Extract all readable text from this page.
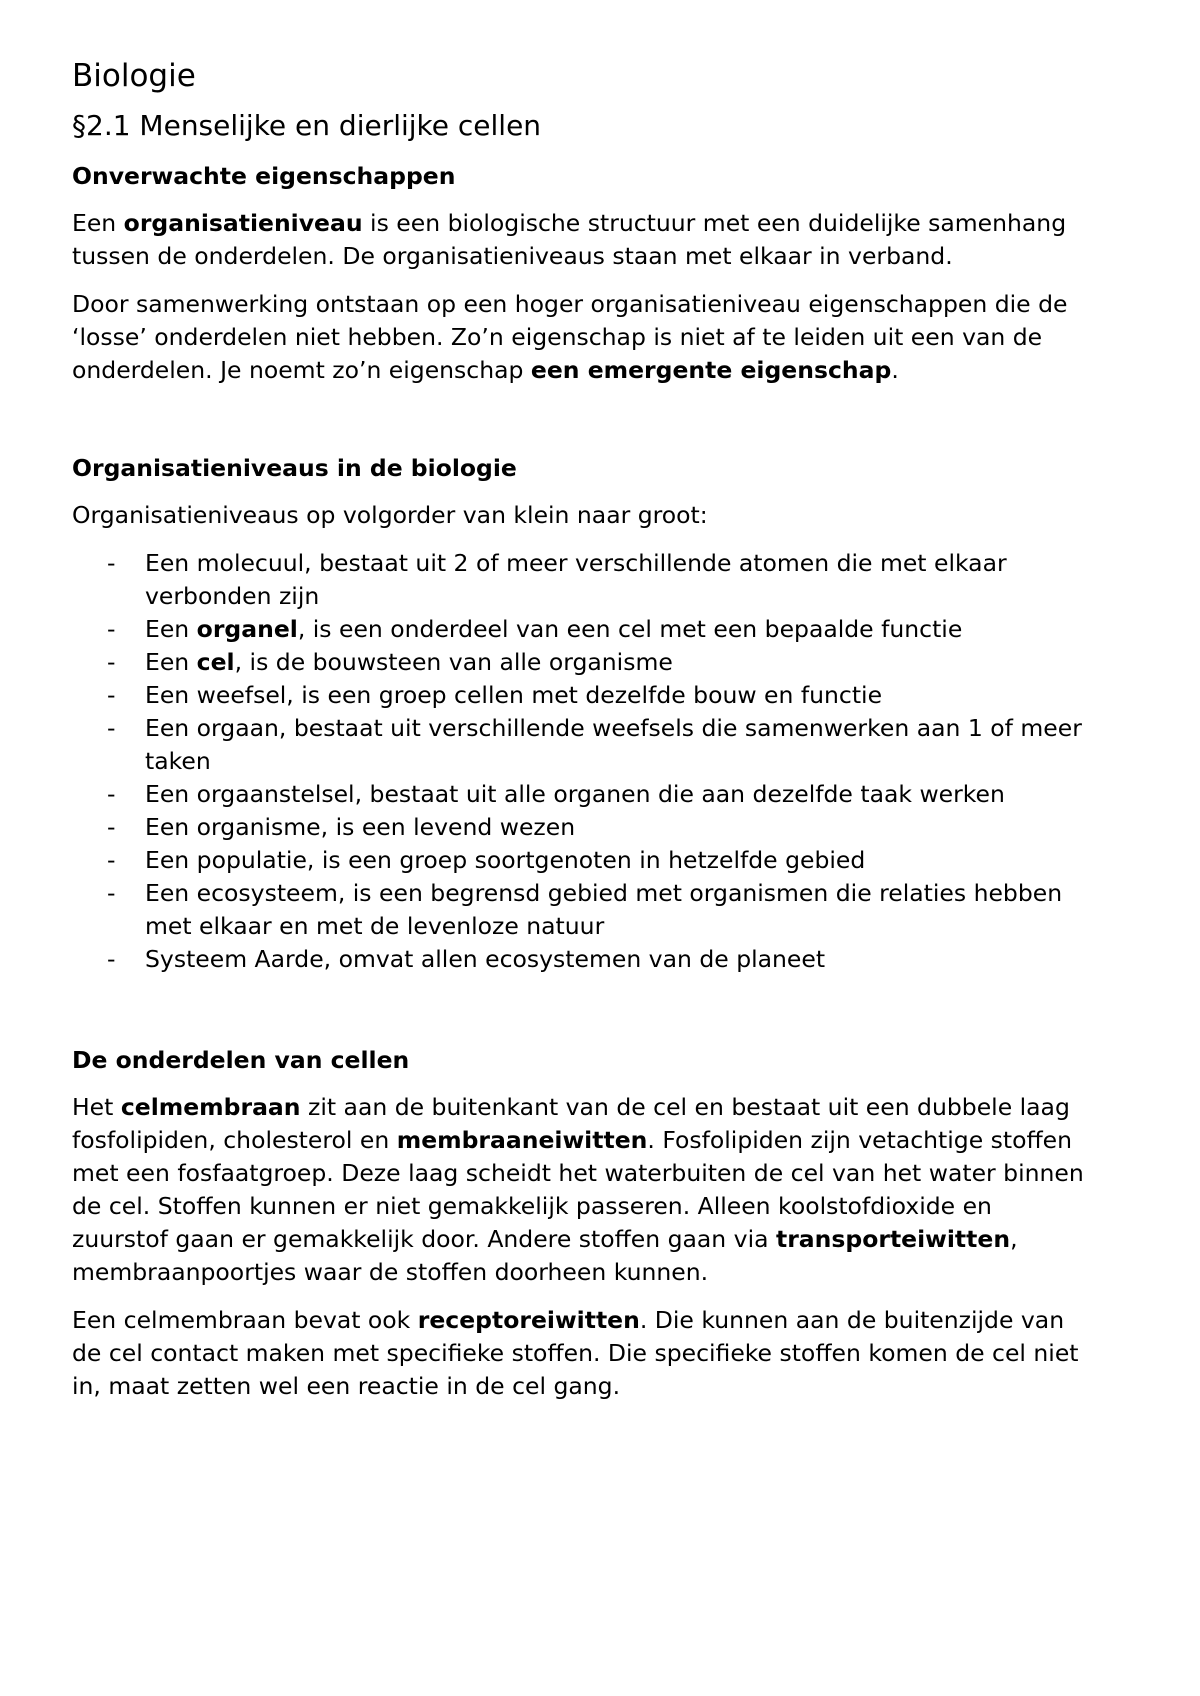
Biologie
§2.1 Menselijke en dierlijke cellen
Onverwachte eigenschappen

Een organisatieniveau is een biologische structuur met een duidelijke samenhang tussen de onderdelen. De organisatieniveaus staan met elkaar in verband.

Door samenwerking ontstaan op een hoger organisatieniveau eigenschappen die de ‘losse’ onderdelen niet hebben. Zo’n eigenschap is niet af te leiden uit een van de onderdelen. Je noemt zo’n eigenschap een emergente eigenschap.

Organisatieniveaus in de biologie

Organisatieniveaus op volgorder van klein naar groot:

- Een molecuul, bestaat uit 2 of meer verschillende atomen die met elkaar verbonden zijn
- Een organel, is een onderdeel van een cel met een bepaalde functie
- Een cel, is de bouwsteen van alle organisme
- Een weefsel, is een groep cellen met dezelfde bouw en functie
- Een orgaan, bestaat uit verschillende weefsels die samenwerken aan 1 of meer taken
- Een orgaanstelsel, bestaat uit alle organen die aan dezelfde taak werken
- Een organisme, is een levend wezen
- Een populatie, is een groep soortgenoten in hetzelfde gebied
- Een ecosysteem, is een begrensd gebied met organismen die relaties hebben met elkaar en met de levenloze natuur
- Systeem Aarde, omvat allen ecosystemen van de planeet
De onderdelen van cellen

Het celmembraan zit aan de buitenkant van de cel en bestaat uit een dubbele laag fosfolipiden, cholesterol en membraaneiwitten. Fosfolipiden zijn vetachtige stoffen met een fosfaatgroep. Deze laag scheidt het waterbuiten de cel van het water binnen de cel. Stoffen kunnen er niet gemakkelijk passeren. Alleen koolstofdioxide en zuurstof gaan er gemakkelijk door. Andere stoffen gaan via transporteiwitten, membraanpoortjes waar de stoffen doorheen kunnen.

Een celmembraan bevat ook receptoreiwitten. Die kunnen aan de buitenzijde van de cel contact maken met specifieke stoffen. Die specifieke stoffen komen de cel niet in, maat zetten wel een reactie in de cel gang.
